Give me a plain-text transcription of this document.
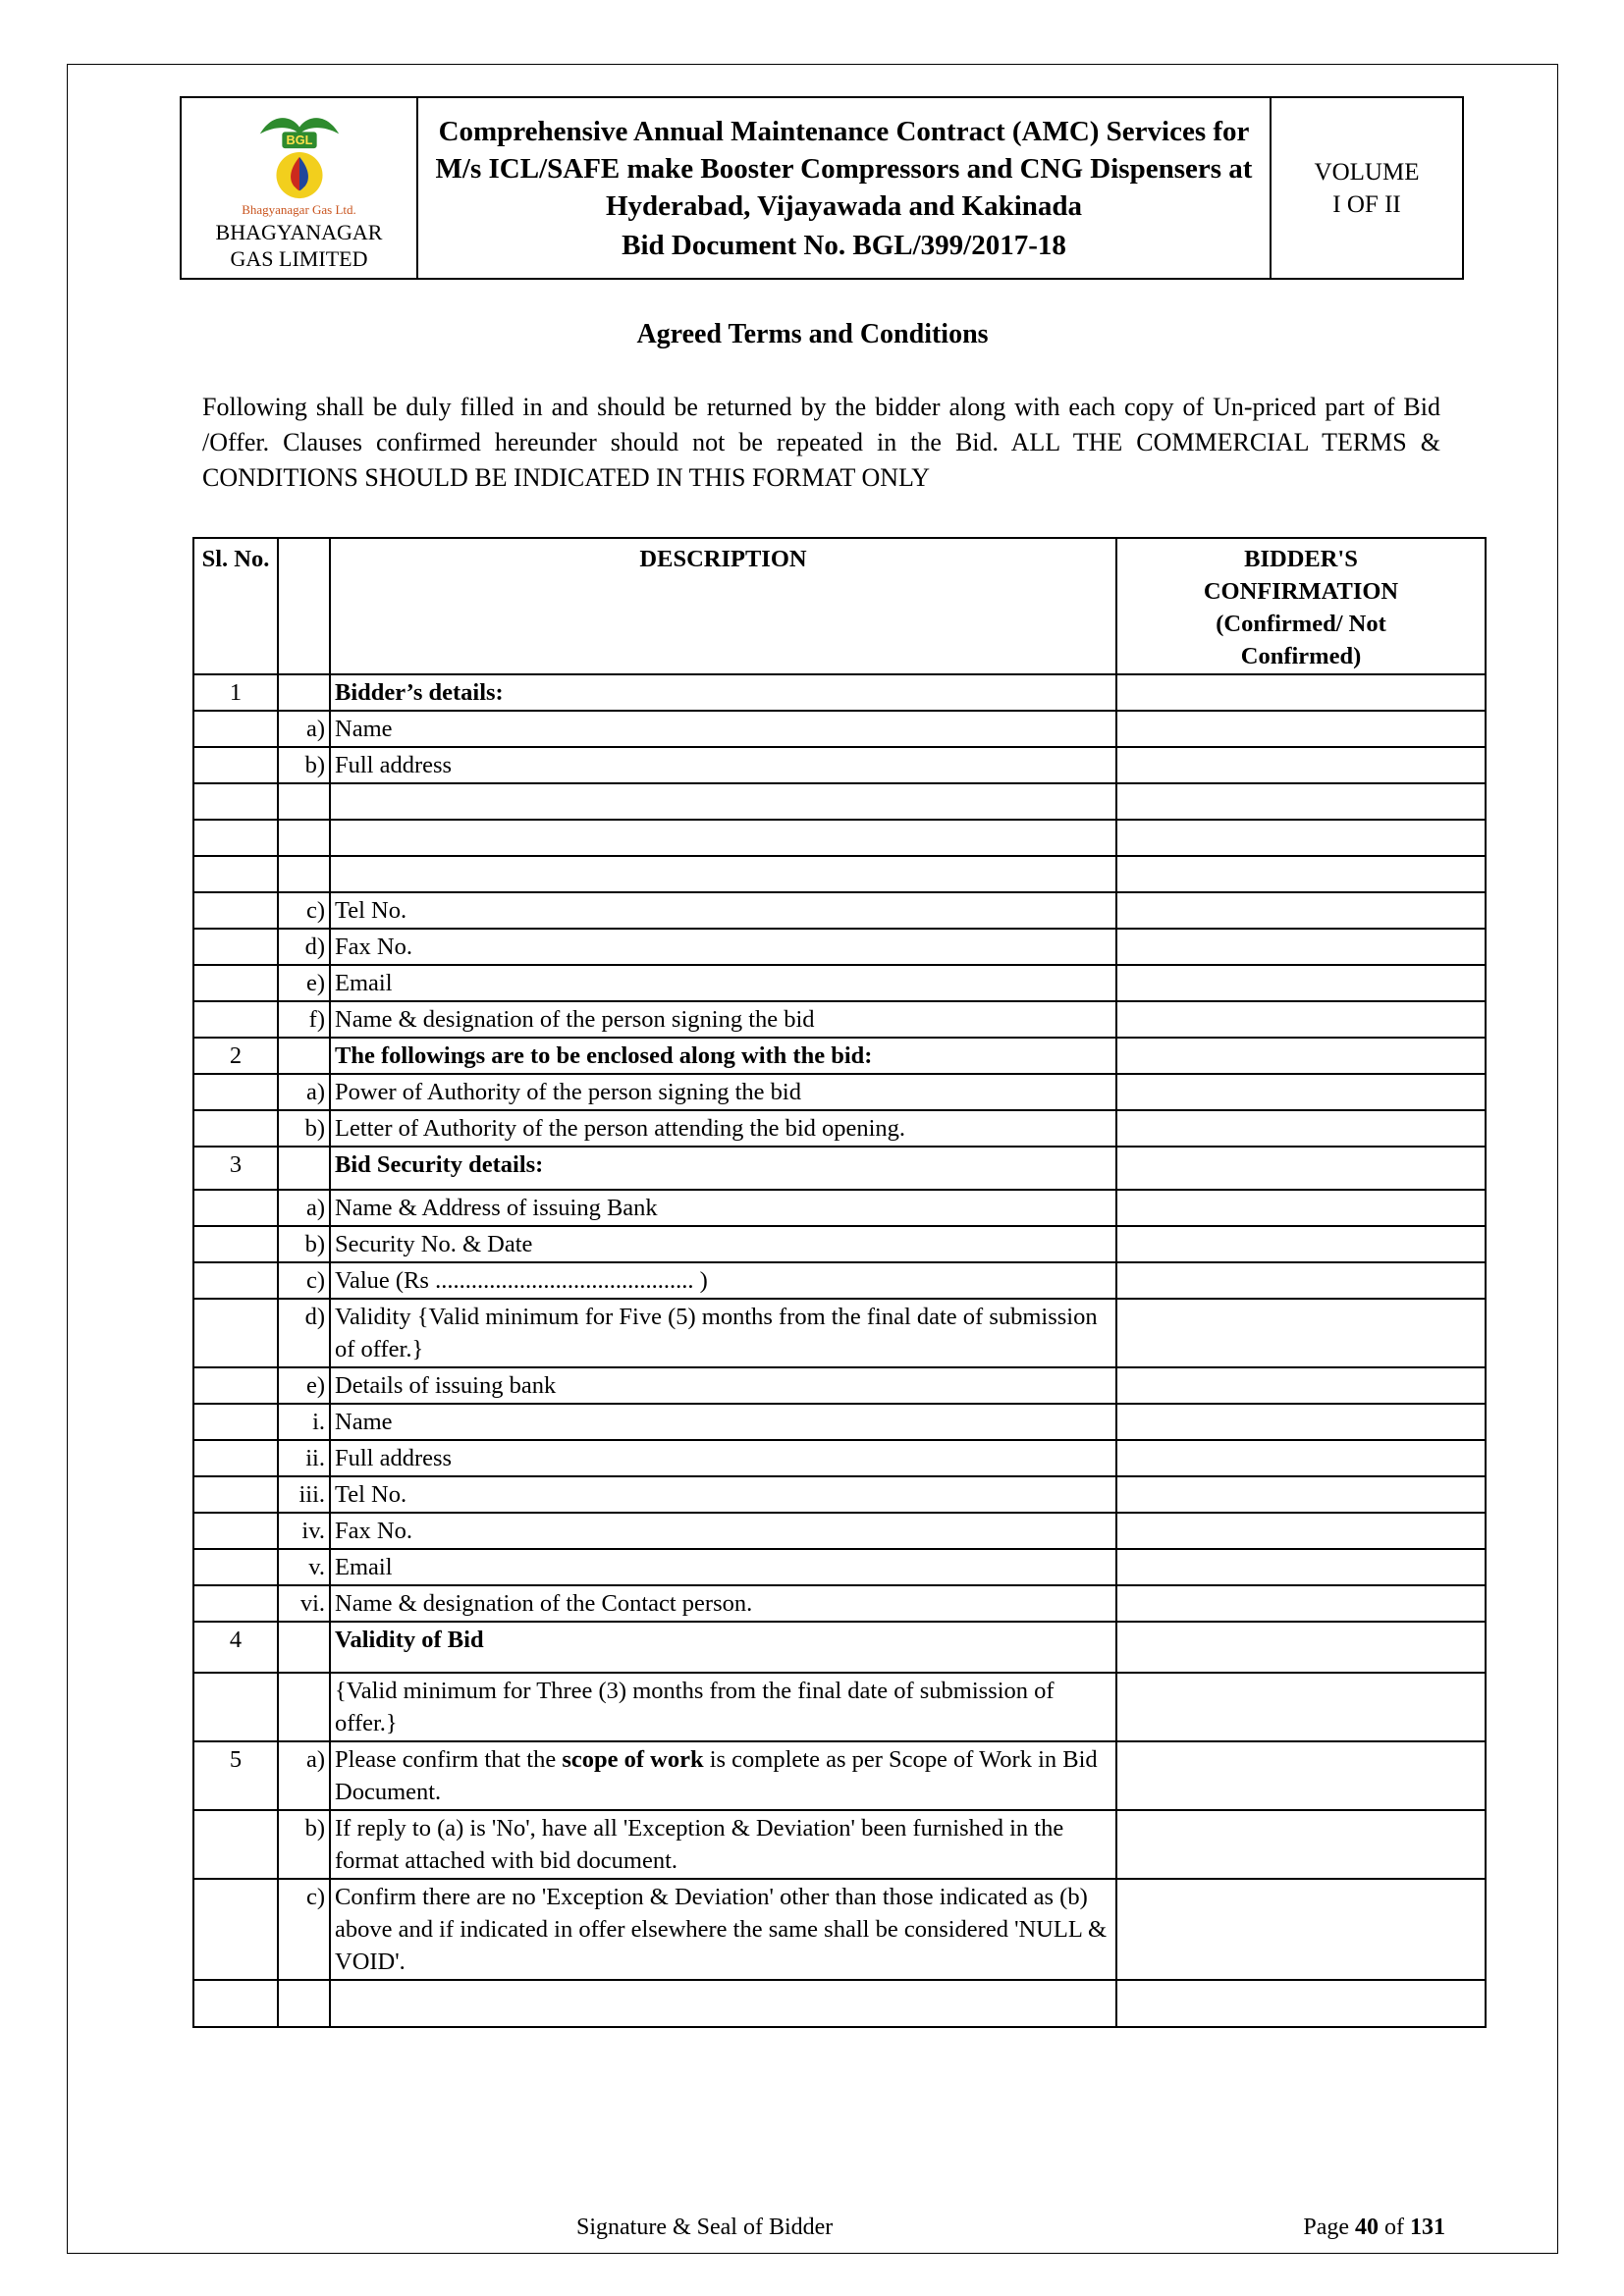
BGL
Bhagyanagar Gas Ltd.
BHAGYANAGAR
GAS LIMITED

Comprehensive Annual Maintenance Contract (AMC) Services for M/s ICL/SAFE make Booster Compressors and CNG Dispensers at Hyderabad, Vijayawada and Kakinada
Bid Document No. BGL/399/2017-18

VOLUME
I OF II
Agreed Terms and Conditions
Following shall be duly filled in and should be returned by the bidder along with each copy of Un-priced part of Bid /Offer. Clauses confirmed hereunder should not be repeated in the Bid. ALL THE COMMERCIAL TERMS & CONDITIONS SHOULD BE INDICATED IN THIS FORMAT ONLY
Sl. No.		DESCRIPTION	BIDDER'S CONFIRMATION (Confirmed/ Not Confirmed)

1		Bidder’s details:	
	a)	Name	
	b)	Full address	

	c)	Tel No.	
	d)	Fax No.	
	e)	Email	
	f)	Name & designation of the person signing the bid	
2		The followings are to be enclosed along with the bid:	
	a)	Power of Authority of the person signing the bid	
	b)	Letter of Authority of the person attending the bid opening.	
3		Bid Security details:	
	a)	Name & Address of issuing Bank	
	b)	Security No. & Date	
	c)	Value (Rs ........................................... )	
	d)	Validity {Valid minimum for Five (5) months from the final date of submission of offer.}	
	e)	Details of issuing bank	
	i.	Name	
	ii.	Full address	
	iii.	Tel No.	
	iv.	Fax No.	
	v.	Email	
	vi.	Name & designation of the Contact person.	
4		Validity of Bid	
		{Valid minimum for Three (3) months from the final date of submission of offer.}	
5	a)	Please confirm that the scope of work is complete as per Scope of Work in Bid Document.	
	b)	If reply to (a) is 'No', have all 'Exception & Deviation' been furnished in the format attached with bid document.	
	c)	Confirm there are no 'Exception & Deviation' other than those indicated as (b) above and if indicated in offer elsewhere the same shall be considered 'NULL & VOID'.	

Signature & Seal of Bidder	Page 40 of 131
